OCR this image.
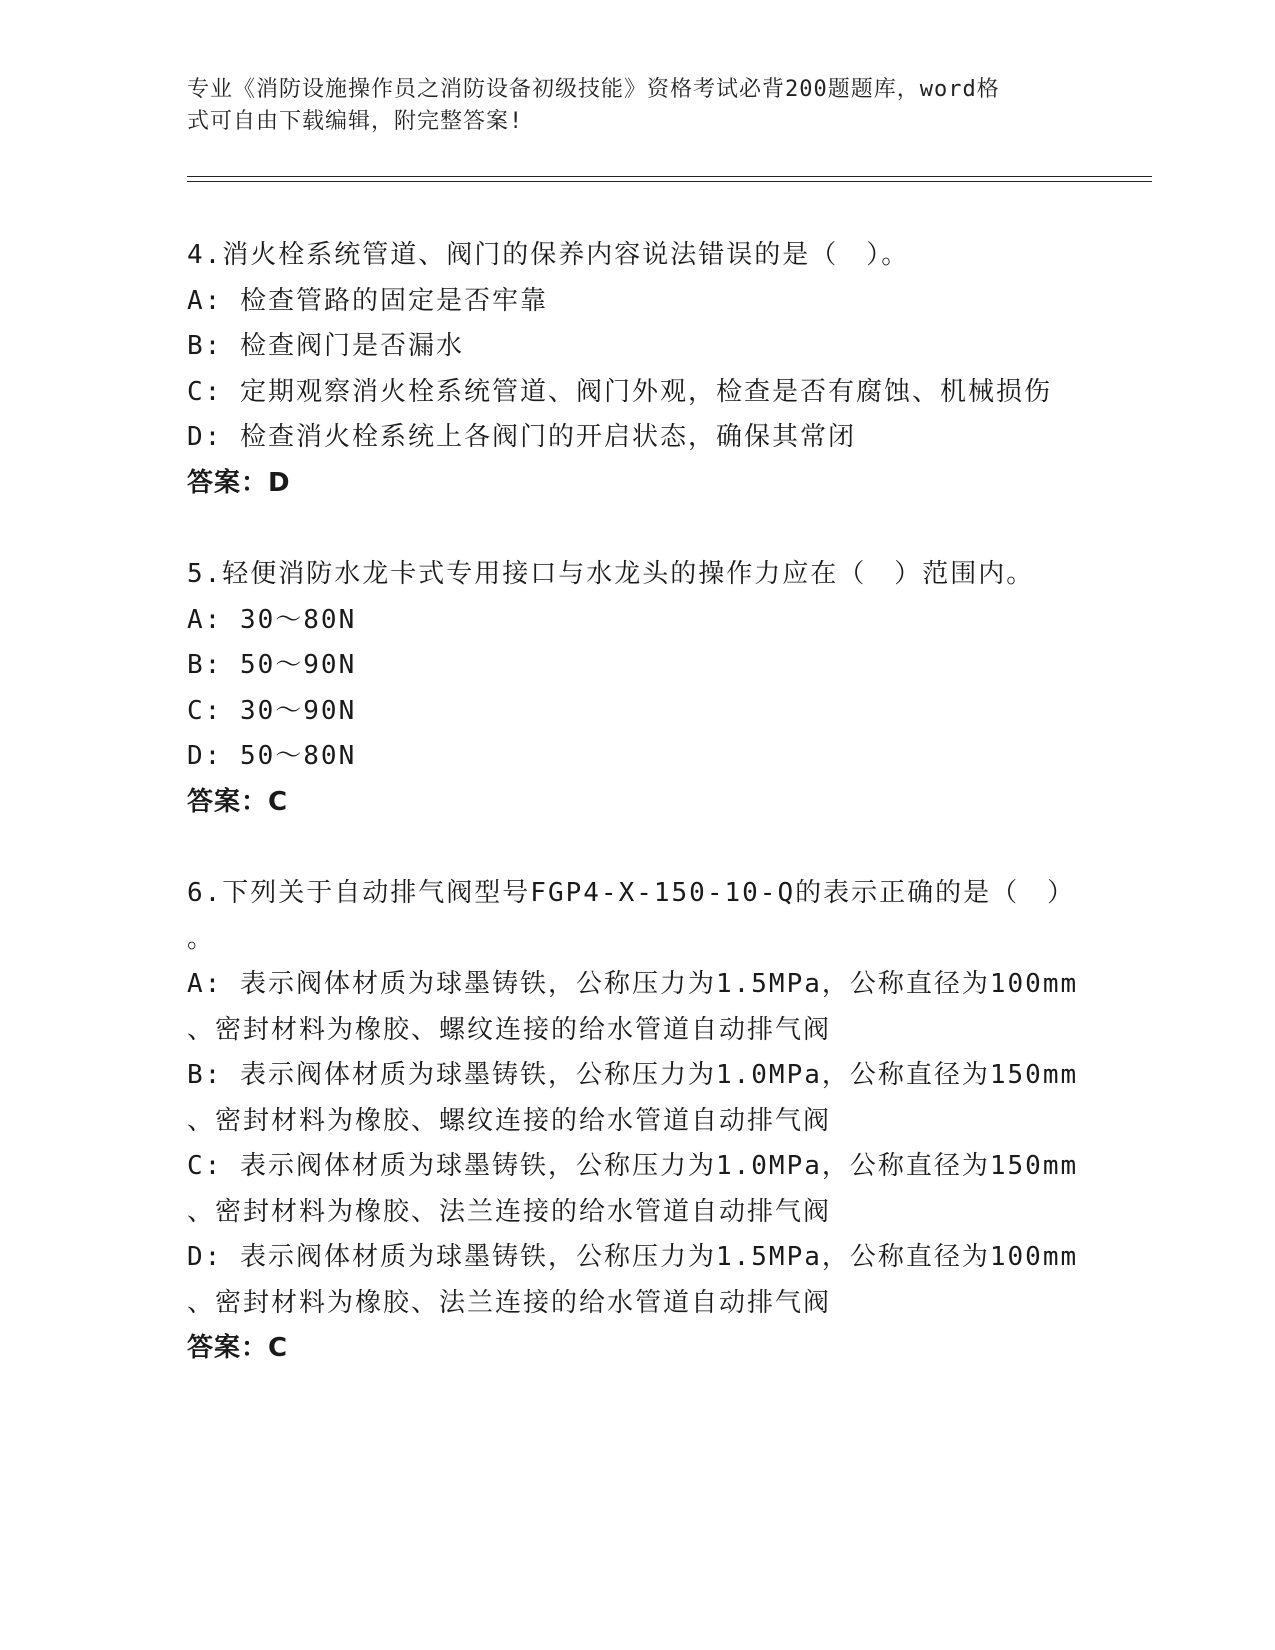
专业《消防设施操作员之消防设备初级技能》资格考试必背200题题库，word格
式可自由下载编辑，附完整答案!
4.消火栓系统管道、阀门的保养内容说法错误的是（　）。
A: 检查管路的固定是否牢靠
B: 检查阀门是否漏水
C: 定期观察消火栓系统管道、阀门外观，检查是否有腐蚀、机械损伤
D: 检查消火栓系统上各阀门的开启状态，确保其常闭
答案：D
5.轻便消防水龙卡式专用接口与水龙头的操作力应在（　）范围内。
A: 30～80N
B: 50～90N
C: 30～90N
D: 50～80N
答案：C
6.下列关于自动排气阀型号FGP4-X-150-10-Q的表示正确的是（　）
。
A: 表示阀体材质为球墨铸铁，公称压力为1.5MPa，公称直径为100mm
、密封材料为橡胶、螺纹连接的给水管道自动排气阀
B: 表示阀体材质为球墨铸铁，公称压力为1.0MPa，公称直径为150mm
、密封材料为橡胶、螺纹连接的给水管道自动排气阀
C: 表示阀体材质为球墨铸铁，公称压力为1.0MPa，公称直径为150mm
、密封材料为橡胶、法兰连接的给水管道自动排气阀
D: 表示阀体材质为球墨铸铁，公称压力为1.5MPa，公称直径为100mm
、密封材料为橡胶、法兰连接的给水管道自动排气阀
答案：C
